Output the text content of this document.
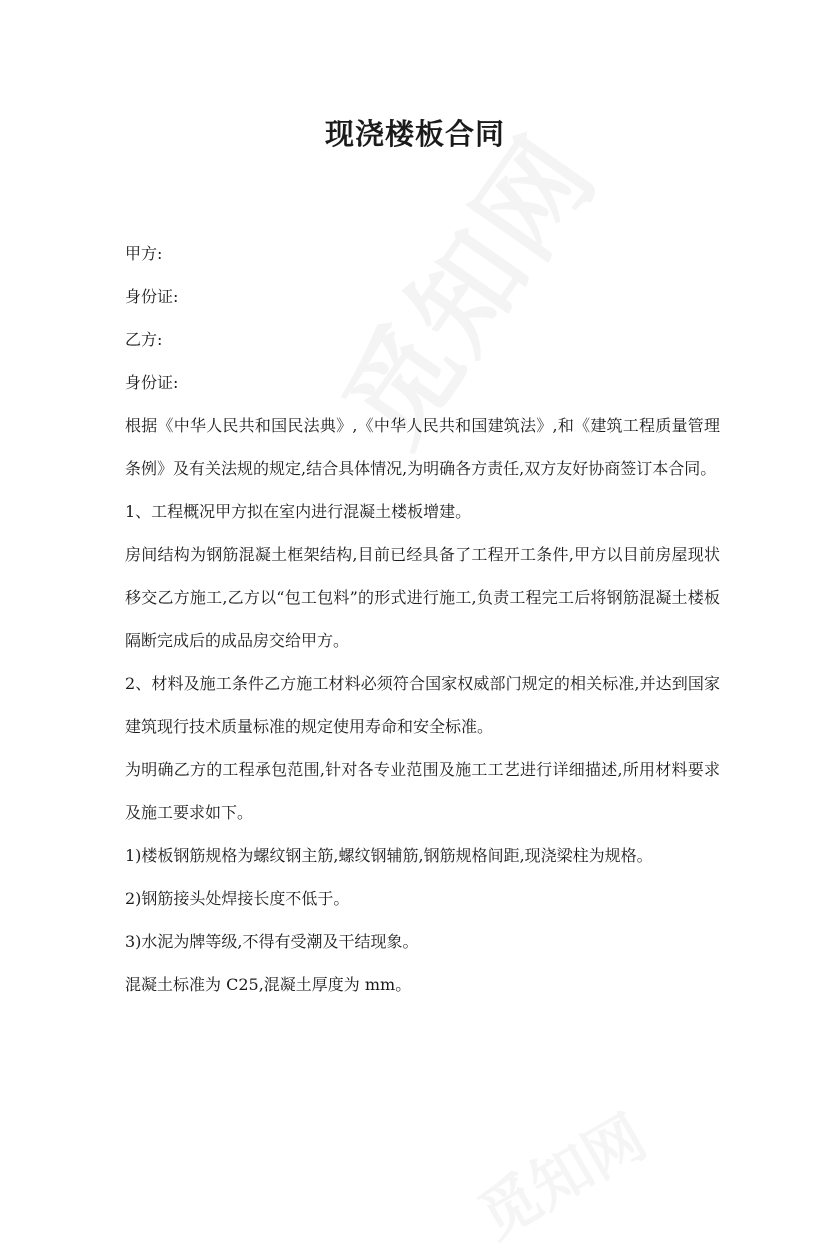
现浇楼板合同

甲方:

身份证:

乙方:

身份证:

根据《中华人民共和国民法典》,《中华人民共和国建筑法》,和《建筑工程质量管理条例》及有关法规的规定,结合具体情况,为明确各方责任,双方友好协商签订本合同。

1、工程概况甲方拟在室内进行混凝土楼板增建。

房间结构为钢筋混凝土框架结构,目前已经具备了工程开工条件,甲方以目前房屋现状移交乙方施工,乙方以“包工包料”的形式进行施工,负责工程完工后将钢筋混凝土楼板隔断完成后的成品房交给甲方。

2、材料及施工条件乙方施工材料必须符合国家权威部门规定的相关标准,并达到国家建筑现行技术质量标准的规定使用寿命和安全标准。

为明确乙方的工程承包范围,针对各专业范围及施工工艺进行详细描述,所用材料要求及施工要求如下。

1)楼板钢筋规格为螺纹钢主筋,螺纹钢辅筋,钢筋规格间距,现浇梁柱为规格。

2)钢筋接头处焊接长度不低于。

3)水泥为牌等级,不得有受潮及干结现象。

混凝土标准为 C25,混凝土厚度为 mm。
